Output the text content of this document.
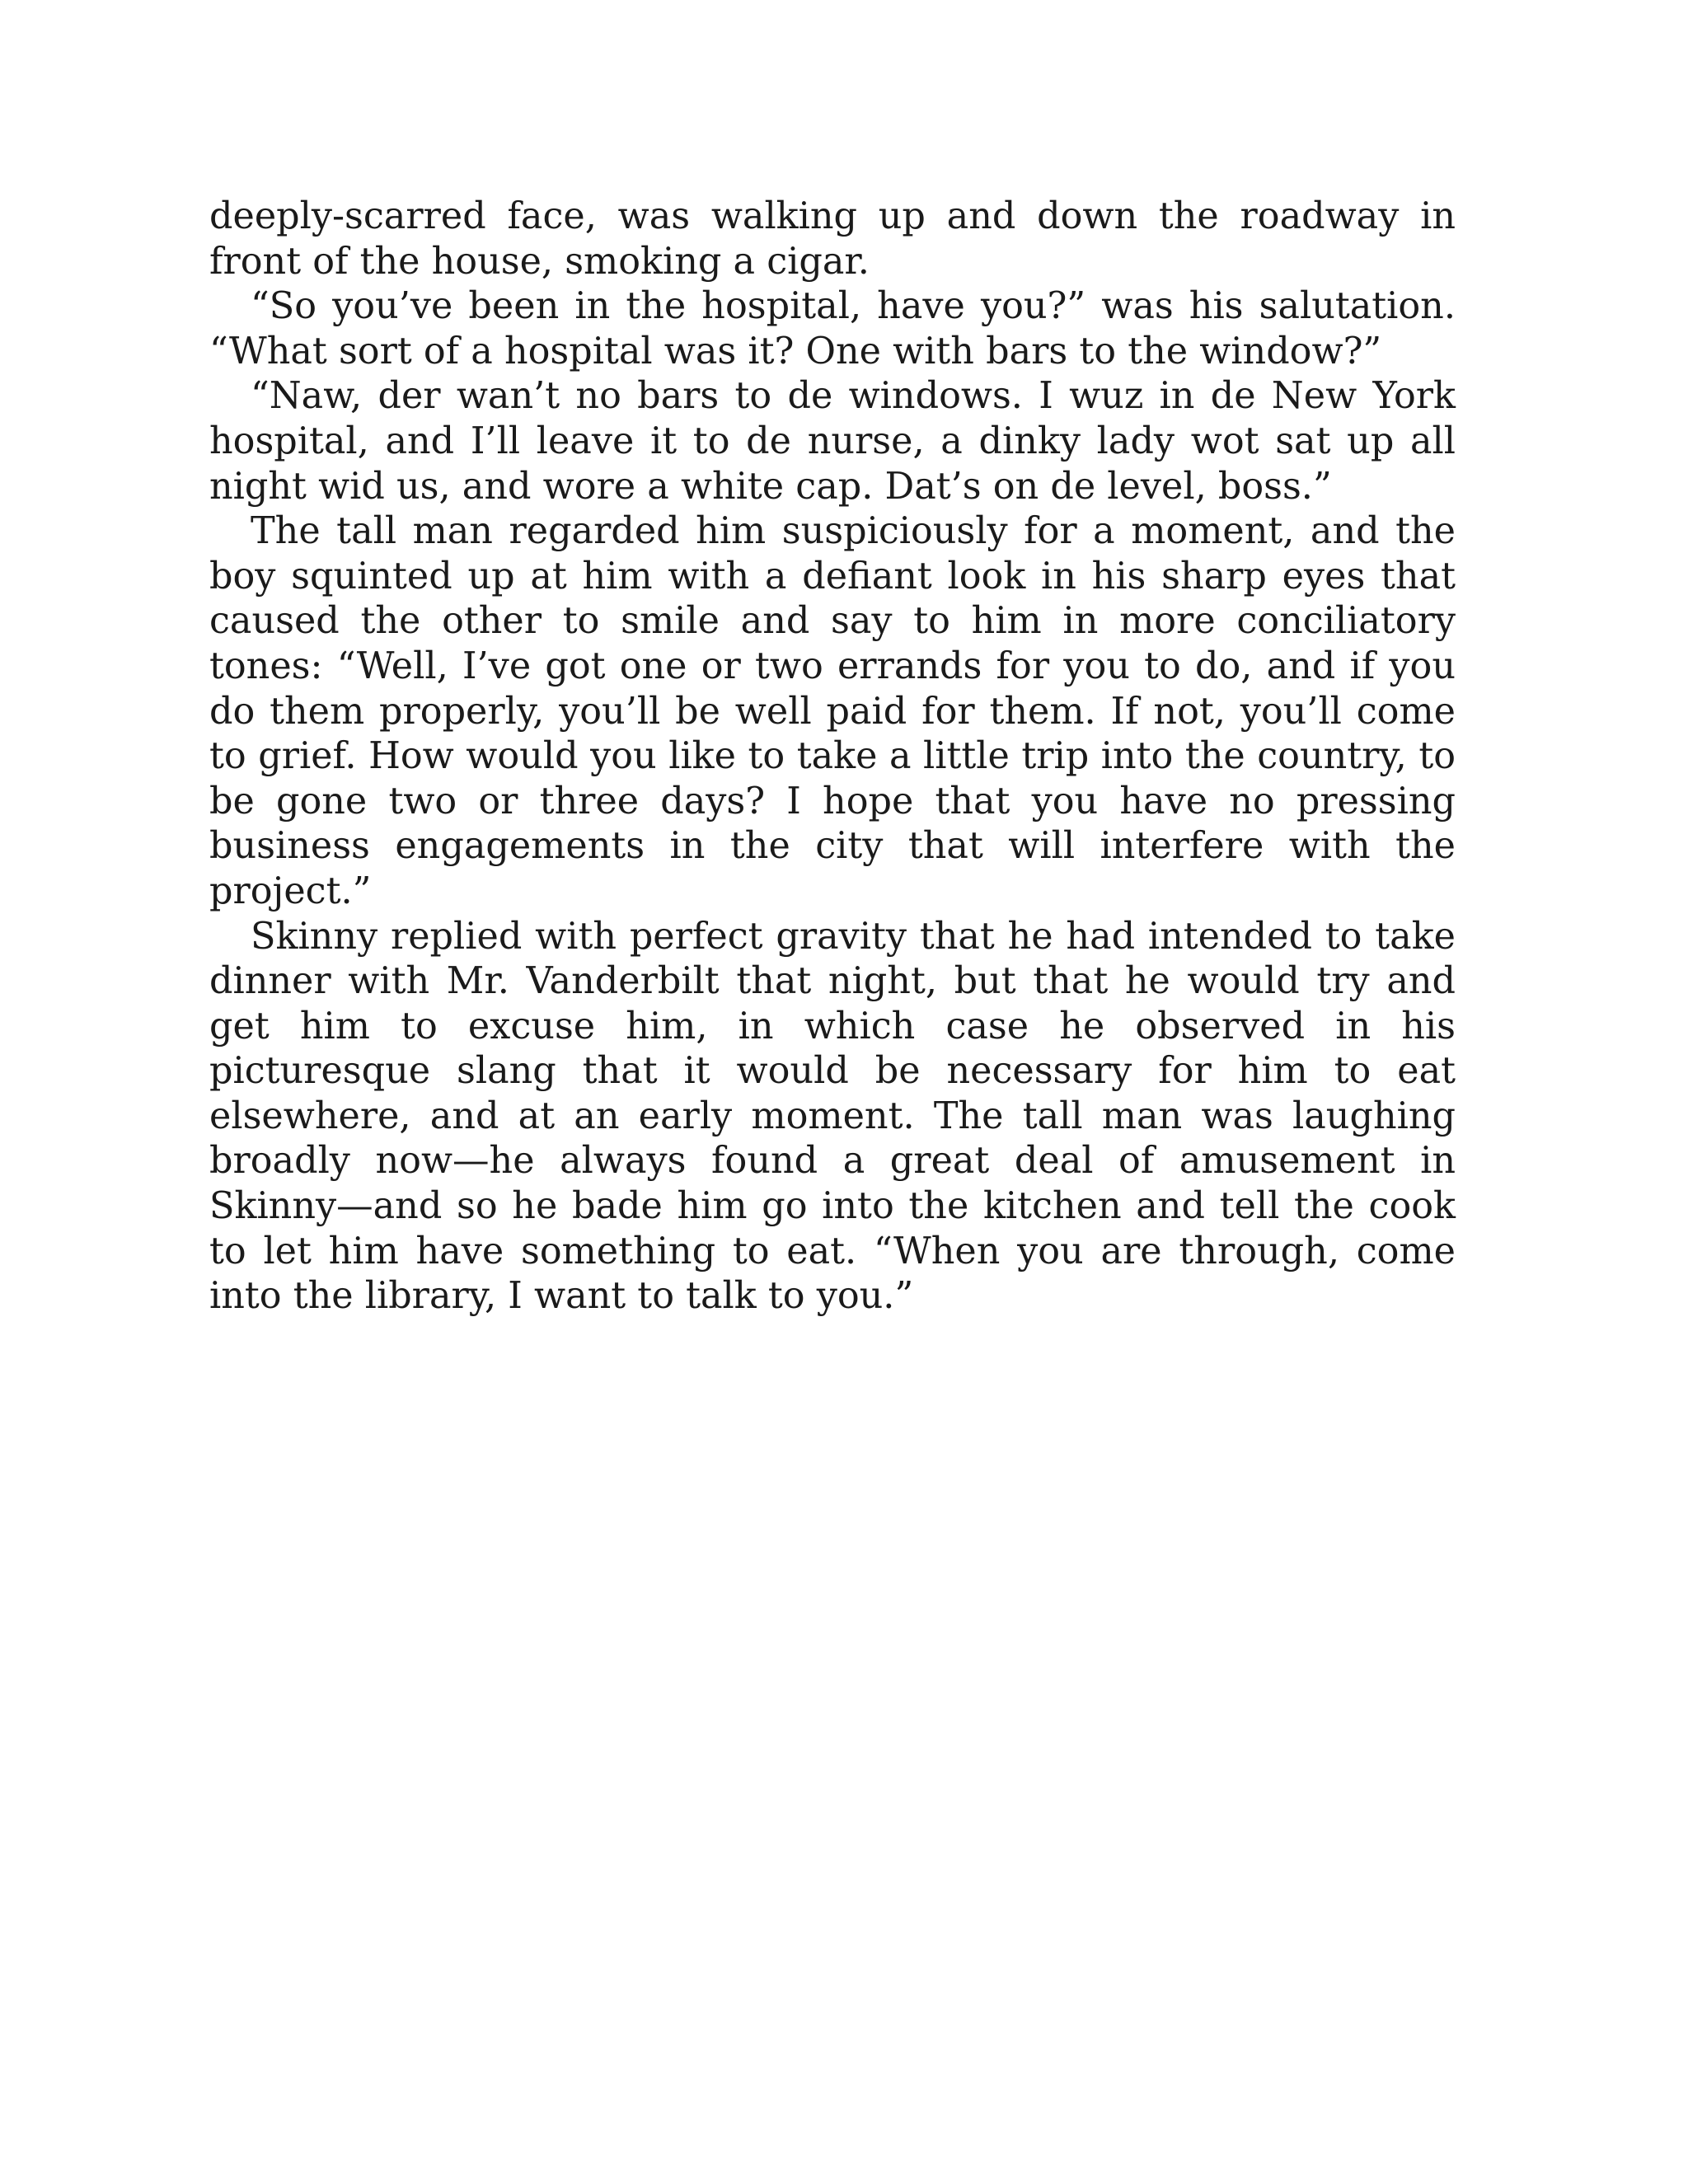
deeply-scarred face, was walking up and down the roadway in front of the house, smoking a cigar.

“So you’ve been in the hospital, have you?” was his salutation. “What sort of a hospital was it? One with bars to the window?”

“Naw, der wan’t no bars to de windows. I wuz in de New York hospital, and I’ll leave it to de nurse, a dinky lady wot sat up all night wid us, and wore a white cap. Dat’s on de level, boss.”

The tall man regarded him suspiciously for a moment, and the boy squinted up at him with a defiant look in his sharp eyes that caused the other to smile and say to him in more conciliatory tones: “Well, I’ve got one or two errands for you to do, and if you do them properly, you’ll be well paid for them. If not, you’ll come to grief. How would you like to take a little trip into the country, to be gone two or three days? I hope that you have no pressing business engagements in the city that will interfere with the project.”

Skinny replied with perfect gravity that he had intended to take dinner with Mr. Vanderbilt that night, but that he would try and get him to excuse him, in which case he observed in his picturesque slang that it would be necessary for him to eat elsewhere, and at an early moment. The tall man was laughing broadly now—he always found a great deal of amusement in Skinny—and so he bade him go into the kitchen and tell the cook to let him have something to eat. “When you are through, come into the library, I want to talk to you.”
